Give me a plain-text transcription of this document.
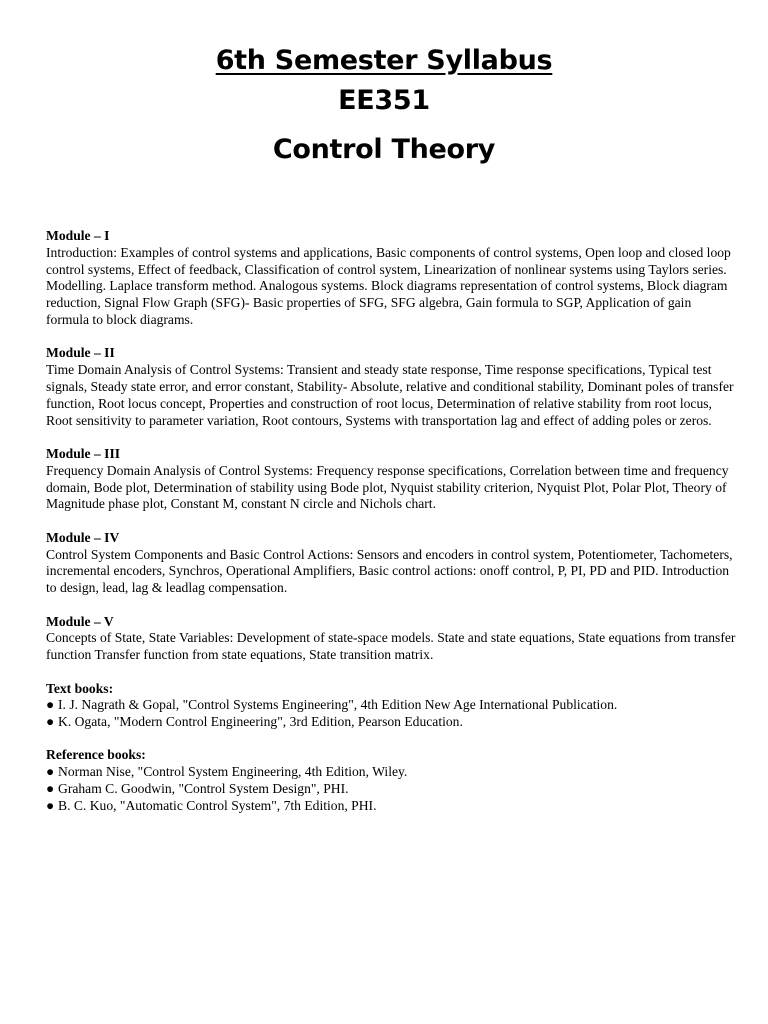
6th Semester Syllabus
EE351
Control Theory
Module – I
Introduction: Examples of control systems and applications, Basic components of control systems, Open loop and closed loop control systems, Effect of feedback, Classification of control system, Linearization of nonlinear systems using Taylors series. Modelling. Laplace transform method. Analogous systems. Block diagrams representation of control systems, Block diagram reduction, Signal Flow Graph (SFG)- Basic properties of SFG, SFG algebra, Gain formula to SGP, Application of gain formula to block diagrams.
Module – II
Time Domain Analysis of Control Systems: Transient and steady state response, Time response specifications, Typical test signals, Steady state error, and error constant, Stability- Absolute, relative and conditional stability, Dominant poles of transfer function, Root locus concept, Properties and construction of root locus, Determination of relative stability from root locus, Root sensitivity to parameter variation, Root contours, Systems with transportation lag and effect of adding poles or zeros.
Module – III
Frequency Domain Analysis of Control Systems: Frequency response specifications, Correlation between time and frequency domain, Bode plot, Determination of stability using Bode plot, Nyquist stability criterion, Nyquist Plot, Polar Plot, Theory of Magnitude phase plot, Constant M, constant N circle and Nichols chart.
Module – IV
Control System Components and Basic Control Actions: Sensors and encoders in control system, Potentiometer, Tachometers, incremental encoders, Synchros, Operational Amplifiers, Basic control actions: onoff control, P, PI, PD and PID. Introduction to design, lead, lag & leadlag compensation.
Module – V
Concepts of State, State Variables: Development of state-space models. State and state equations, State equations from transfer function Transfer function from state equations, State transition matrix.
Text books:
● I. J. Nagrath & Gopal, "Control Systems Engineering", 4th Edition New Age International Publication.
● K. Ogata, "Modern Control Engineering", 3rd Edition, Pearson Education.
Reference books:
● Norman Nise, "Control System Engineering, 4th Edition, Wiley.
● Graham C. Goodwin, "Control System Design", PHI.
● B. C. Kuo, "Automatic Control System", 7th Edition, PHI.
